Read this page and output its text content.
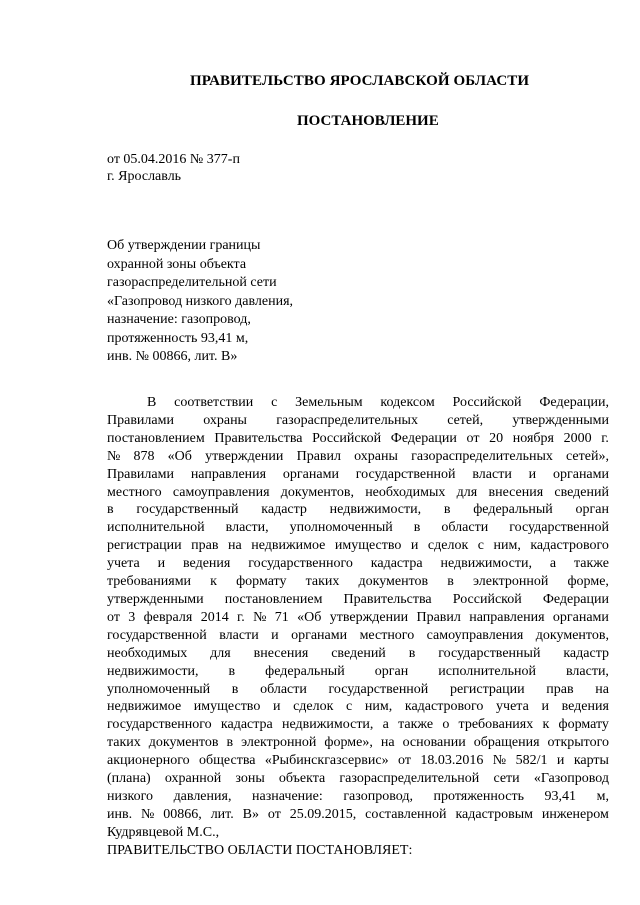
ПРАВИТЕЛЬСТВО ЯРОСЛАВСКОЙ ОБЛАСТИ
ПОСТАНОВЛЕНИЕ
от 05.04.2016 № 377-п
г. Ярославль
Об утверждении границы
охранной зоны объекта
газораспределительной сети
«Газопровод низкого давления,
назначение: газопровод,
протяженность 93,41 м,
инв. № 00866, лит. В»
В соответствии с Земельным кодексом Российской Федерации,
Правилами охраны газораспределительных сетей, утвержденными
постановлением Правительства Российской Федерации от 20 ноября 2000 г.
№ 878 «Об утверждении Правил охраны газораспределительных сетей»,
Правилами направления органами государственной власти и органами
местного самоуправления документов, необходимых для внесения сведений
в государственный кадастр недвижимости, в федеральный орган
исполнительной власти, уполномоченный в области государственной
регистрации прав на недвижимое имущество и сделок с ним, кадастрового
учета и ведения государственного кадастра недвижимости, а также
требованиями к формату таких документов в электронной форме,
утвержденными постановлением Правительства Российской Федерации
от 3 февраля 2014 г. № 71 «Об утверждении Правил направления органами
государственной власти и органами местного самоуправления документов,
необходимых для внесения сведений в государственный кадастр
недвижимости, в федеральный орган исполнительной власти,
уполномоченный в области государственной регистрации прав на
недвижимое имущество и сделок с ним, кадастрового учета и ведения
государственного кадастра недвижимости, а также о требованиях к формату
таких документов в электронной форме», на основании обращения открытого
акционерного общества «Рыбинскгазсервис» от 18.03.2016 № 582/1 и карты
(плана) охранной зоны объекта газораспределительной сети «Газопровод
низкого давления, назначение: газопровод, протяженность 93,41 м,
инв. № 00866, лит. В» от 25.09.2015, составленной кадастровым инженером
Кудрявцевой
М.С.,
ПРАВИТЕЛЬСТВО
ОБЛАСТИ
ПОСТАНОВЛЯЕТ:
